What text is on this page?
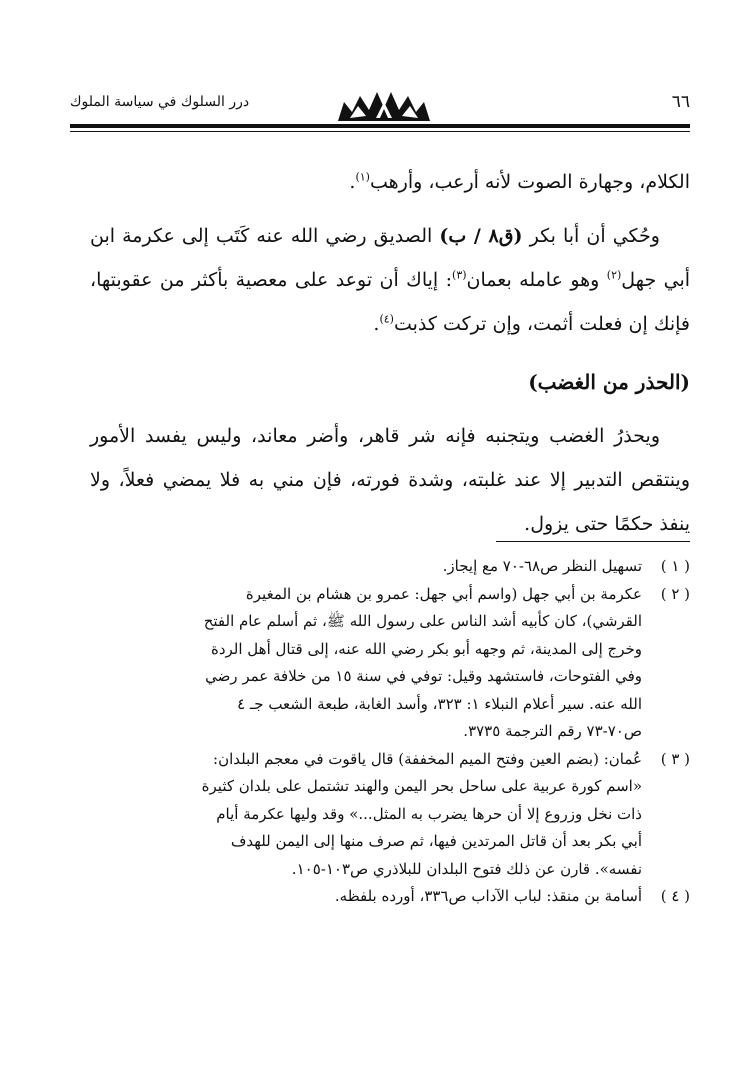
درر السلوك في سياسة الملوك	٦٦

الكلام، وجهارة الصوت لأنه أرعب، وأرهب$^{(١)}$.

وحُكي أن أبا بكر (ق٨ / ب) الصديق رضي الله عنه كَتَب إلى عكرمة ابن أبي جهل$^{(٢)}$ وهو عامله بعمان$^{(٣)}$: إياك أن توعد على معصية بأكثر من عقوبتها، فإنك إن فعلت أثمت، وإن تركت كذبت$^{(٤)}$.

(الحذر من الغضب)

ويحذرُ الغضب ويتجنبه فإنه شر قاهر، وأضر معاند، وليس يفسد الأمور وينتقص التدبير إلا عند غلبته، وشدة فورته، فإن مني به فلا يمضي فعلاً، ولا ينفذ حكمًا حتى يزول.

( ١ )
تسهيل النظر ص٦٨-٧٠ مع إيجاز.
( ٢ )
عكرمة بن أبي جهل (واسم أبي جهل: عمرو بن هشام بن المغيرة
القرشي)، كان كأبيه أشد الناس على رسول الله ﷺ، ثم أسلم عام الفتح
وخرج إلى المدينة، ثم وجهه أبو بكر رضي الله عنه، إلى قتال أهل الردة
وفي الفتوحات، فاستشهد وقيل: توفي في سنة ١٥ من خلافة عمر رضي
الله عنه. سير أعلام النبلاء ١: ٣٢٣، وأسد الغابة، طبعة الشعب جـ ٤
ص٧٠-٧٣ رقم الترجمة ٣٧٣٥.
( ٣ )
عُمان: (بضم العين وفتح الميم المخففة) قال ياقوت في معجم البلدان:
«اسم كورة عربية على ساحل بحر اليمن والهند تشتمل على بلدان كثيرة
ذات نخل وزروع إلا أن حرها يضرب به المثل...» وقد وليها عكرمة أيام
أبي بكر بعد أن قاتل المرتدين فيها، ثم صرف منها إلى اليمن للهدف
نفسه». قارن عن ذلك فتوح البلدان للبلاذري ص١٠٣-١٠٥.
( ٤ )
أسامة بن منقذ: لباب الآداب ص٣٣٦، أورده بلفظه.
